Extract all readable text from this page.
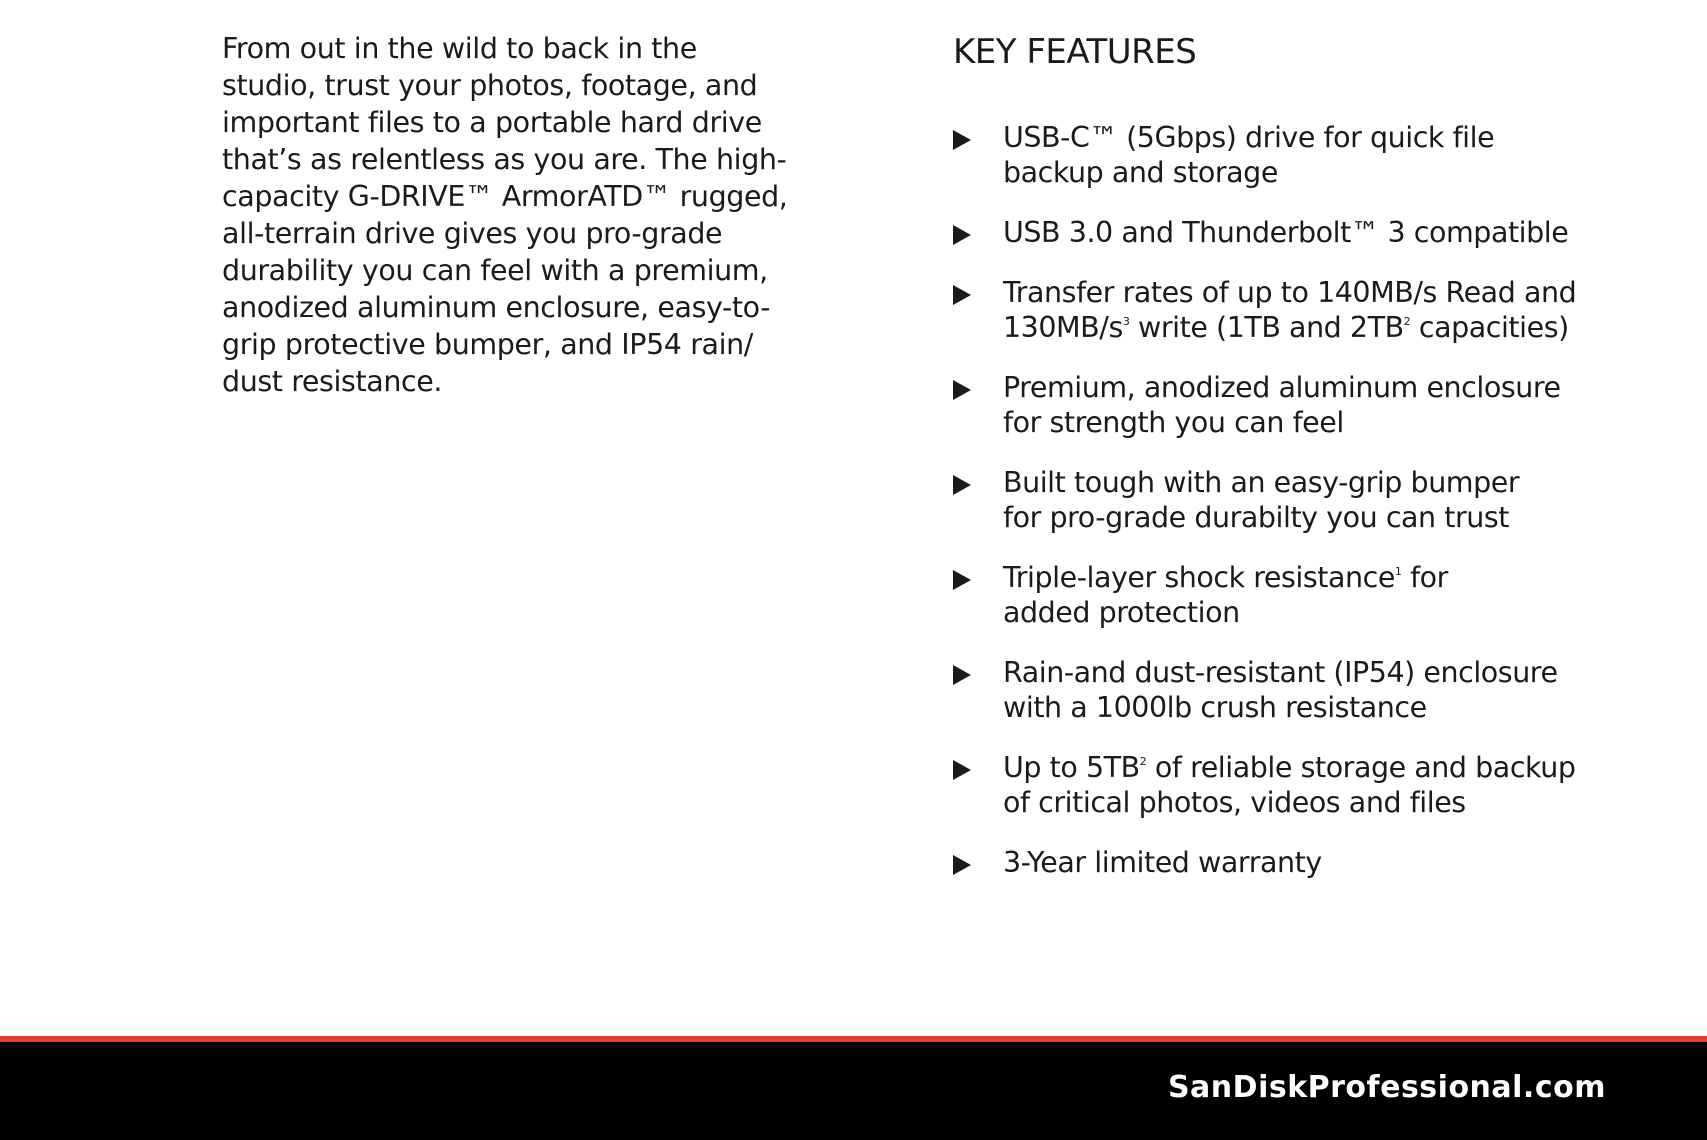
From out in the wild to back in the
studio, trust your photos, footage, and
important files to a portable hard drive
that’s as relentless as you are. The high-
capacity G-DRIVE™ ArmorATD™ rugged,
all-terrain drive gives you pro-grade
durability you can feel with a premium,
anodized aluminum enclosure, easy-to-
grip protective bumper, and IP54 rain/
dust resistance.

KEY FEATURES
USB-C™ (5Gbps) drive for quick file
backup and storage
USB 3.0 and Thunderbolt™ 3 compatible
Transfer rates of up to 140MB/s Read and
$130MB/s^3$ write (1TB and $2TB^2$ capacities)
Premium, anodized aluminum enclosure
for strength you can feel
Built tough with an easy-grip bumper
for pro-grade durabilty you can trust
Triple-layer shock resistance$^1$ for
added protection
Rain-and dust-resistant (IP54) enclosure
with a 1000lb crush resistance
Up to $5TB^2$ of reliable storage and backup
of critical photos, videos and files
3-Year limited warranty
SanDiskProfessional.com
